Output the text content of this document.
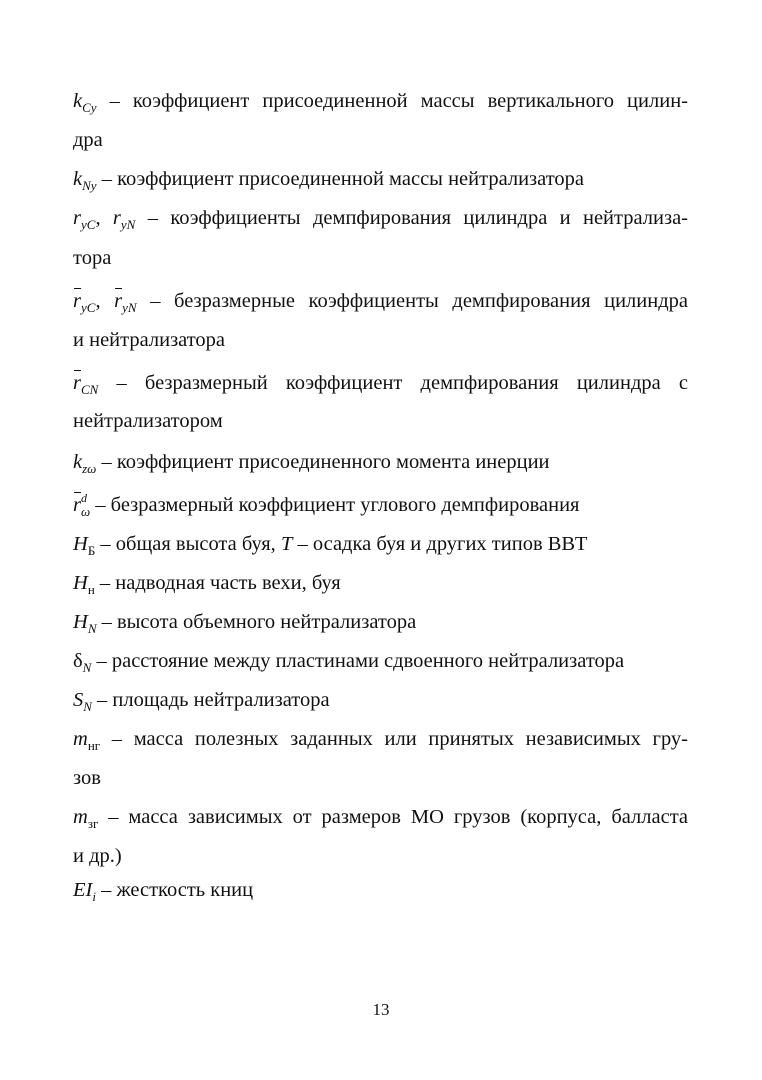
$k_{Cy}$ – коэффициент присоединенной массы вертикального цилин-
дра
$k_{Ny}$ – коэффициент присоединенной массы нейтрализатора
$r_{yC}$, $r_{yN}$ – коэффициенты демпфирования цилиндра и нейтрализа-
тора
$r_{yC}$, $r_{yN}$ – безразмерные коэффициенты демпфирования цилиндра
и нейтрализатора
$r_{CN}$ – безразмерный коэффициент демпфирования цилиндра с
нейтрализатором
$k_{z\omega}$ – коэффициент присоединенного момента инерции
$r^d_\omega$ – безразмерный коэффициент углового демпфирования
$H_Б$ – общая высота буя, T – осадка буя и других типов ВВТ
$H_н$ – надводная часть вехи, буя
$H_N$ – высота объемного нейтрализатора
$\delta_N$ – расстояние между пластинами сдвоенного нейтрализатора
$S_N$ – площадь нейтрализатора
$m_{нг}$ – масса полезных заданных или принятых независимых гру-
зов
$m_{зг}$ – масса зависимых от размеров МО грузов (корпуса, балласта
и др.)
$EI_i$ – жесткость книц
13
